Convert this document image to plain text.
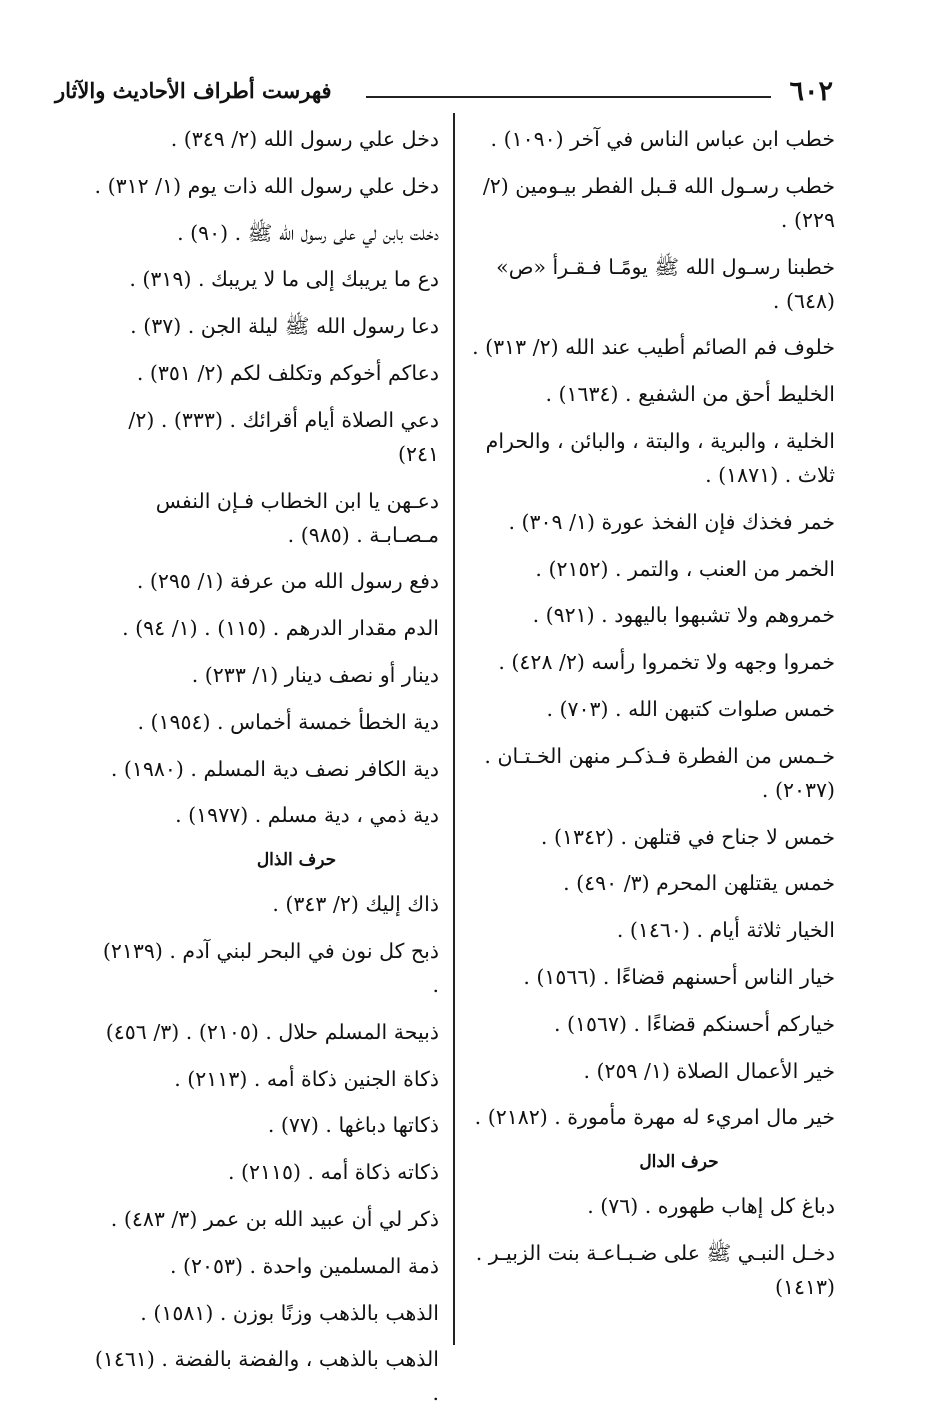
٦٠٢
فهرست أطراف الأحاديث والآثار
خطب ابن عباس الناس في آخر (١٠٩٠) .
خطب رسـول الله قـبل الفطر بيـومين (٢/ ٢٢٩) .
خطبنا رسـول الله ﷺ يومًـا فـقـرأ «ص» (٦٤٨) .
خلوف فم الصائم أطيب عند الله (٢/ ٣١٣) .
الخليط أحق من الشفيع . (١٦٣٤) .
الخلية ، والبرية ، والبتة ، والبائن ، والحرام ثلاث . (١٨٧١) .
خمر فخذك فإن الفخذ عورة (١/ ٣٠٩) .
الخمر من العنب ، والتمر . (٢١٥٢) .
خمروهم ولا تشبهوا باليهود . (٩٢١) .
خمروا وجهه ولا تخمروا رأسه (٢/ ٤٢٨) .
خمس صلوات كتبهن الله . (٧٠٣) .
خـمس من الفطرة فـذكـر منهن الخـتـان . (٢٠٣٧) .
خمس لا جناح في قتلهن . (١٣٤٢) .
خمس يقتلهن المحرم (٣/ ٤٩٠) .
الخيار ثلاثة أيام . (١٤٦٠) .
خيار الناس أحسنهم قضاءًا . (١٥٦٦) .
خياركم أحسنكم قضاءًا . (١٥٦٧) .
خير الأعمال الصلاة (١/ ٢٥٩) .
خير مال امريء له مهرة مأمورة . (٢١٨٢) .
حرف الدال
دباغ كل إهاب طهوره . (٧٦) .
دخـل النبـي ﷺ على ضـبـاعـة بنت الزبيـر . (١٤١٣)
دخل علي رسول الله (٢/ ٣٤٩) .
دخل علي رسول الله ذات يوم (١/ ٣١٢) .
دخلت بابن لي على رسول الله ﷺ . (٩٠) .
دع ما يريبك إلى ما لا يريبك . (٣١٩) .
دعا رسول الله ﷺ ليلة الجن . (٣٧) .
دعاكم أخوكم وتكلف لكم (٢/ ٣٥١) .
دعي الصلاة أيام أقرائك . (٣٣٣) . (٢/ ٢٤١)
دعـهن يا ابن الخطاب فـإن النفس مـصـابـة . (٩٨٥) .
دفع رسول الله من عرفة (١/ ٢٩٥) .
الدم مقدار الدرهم . (١١٥) . (١/ ٩٤) .
دينار أو نصف دينار (١/ ٢٣٣) .
دية الخطأ خمسة أخماس . (١٩٥٤) .
دية الكافر نصف دية المسلم . (١٩٨٠) .
دية ذمي ، دية مسلم . (١٩٧٧) .
حرف الذال
ذاك إليك (٢/ ٣٤٣) .
ذبح كل نون في البحر لبني آدم . (٢١٣٩) .
ذبيحة المسلم حلال . (٢١٠٥) . (٣/ ٤٥٦)
ذكاة الجنين ذكاة أمه . (٢١١٣) .
ذكاتها دباغها . (٧٧) .
ذكاته ذكاة أمه . (٢١١٥) .
ذكر لي أن عبيد الله بن عمر (٣/ ٤٨٣) .
ذمة المسلمين واحدة . (٢٠٥٣) .
الذهب بالذهب وزنًا بوزن . (١٥٨١) .
الذهب بالذهب ، والفضة بالفضة . (١٤٦١) .
